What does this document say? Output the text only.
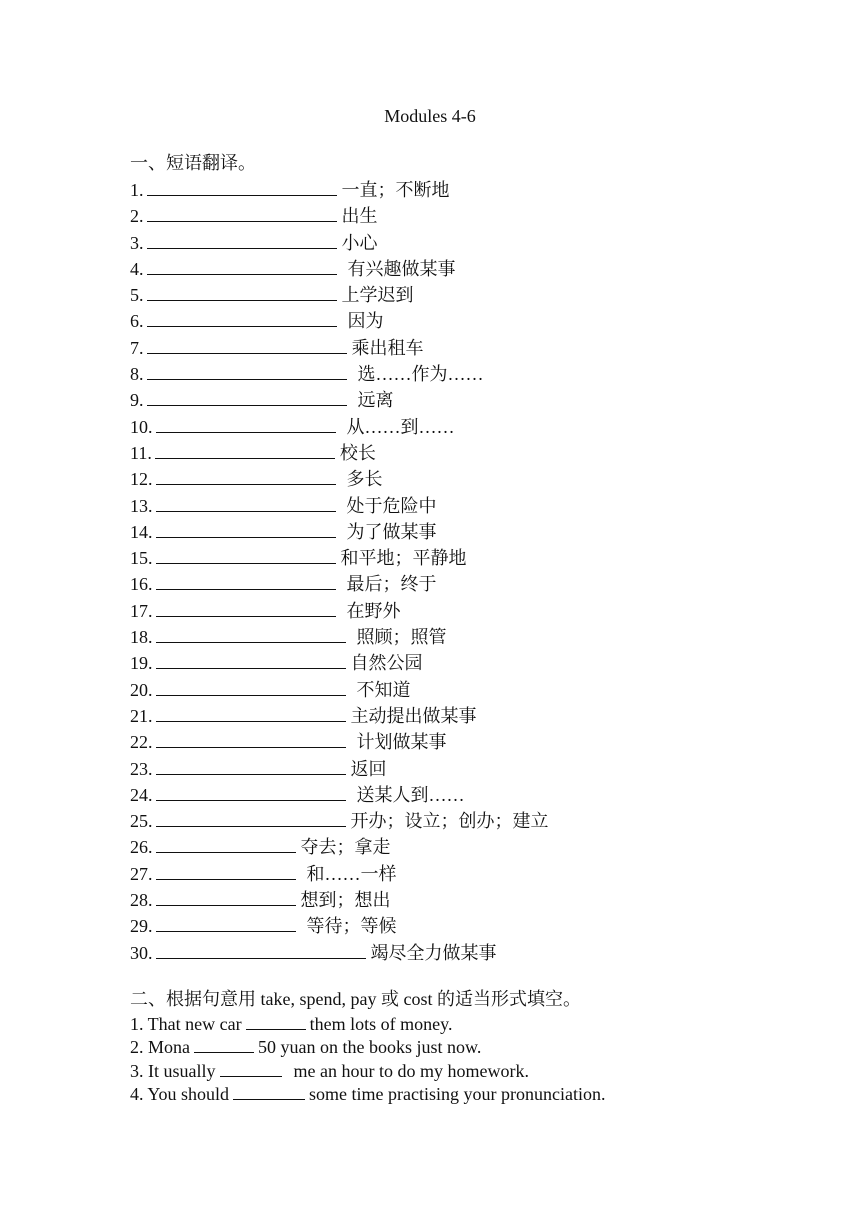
Modules 4-6
一、短语翻译。
1.	一直；不断地
2.	出生
3.	小心
4.	有兴趣做某事
5.	上学迟到
6.	因为
7.	乘出租车
8.	选……作为……
9.	远离
10.	从……到……
11.	校长
12.	多长
13.	处于危险中
14.	为了做某事
15.	和平地；平静地
16.	最后；终于
17.	在野外
18.	照顾；照管
19.	自然公园
20.	不知道
21.	主动提出做某事
22.	计划做某事
23.	返回
24.	送某人到……
25.	开办；设立；创办；建立
26.	夺去；拿走
27.	和……一样
28.	想到；想出
29.	等待；等候
30.	竭尽全力做某事
二、根据句意用 take, spend, pay 或 cost 的适当形式填空。
1. That new car	them lots of money.
2. Mona	50 yuan on the books just now.
3. It usually	me an hour to do my homework.
4. You should	some time practising your pronunciation.
